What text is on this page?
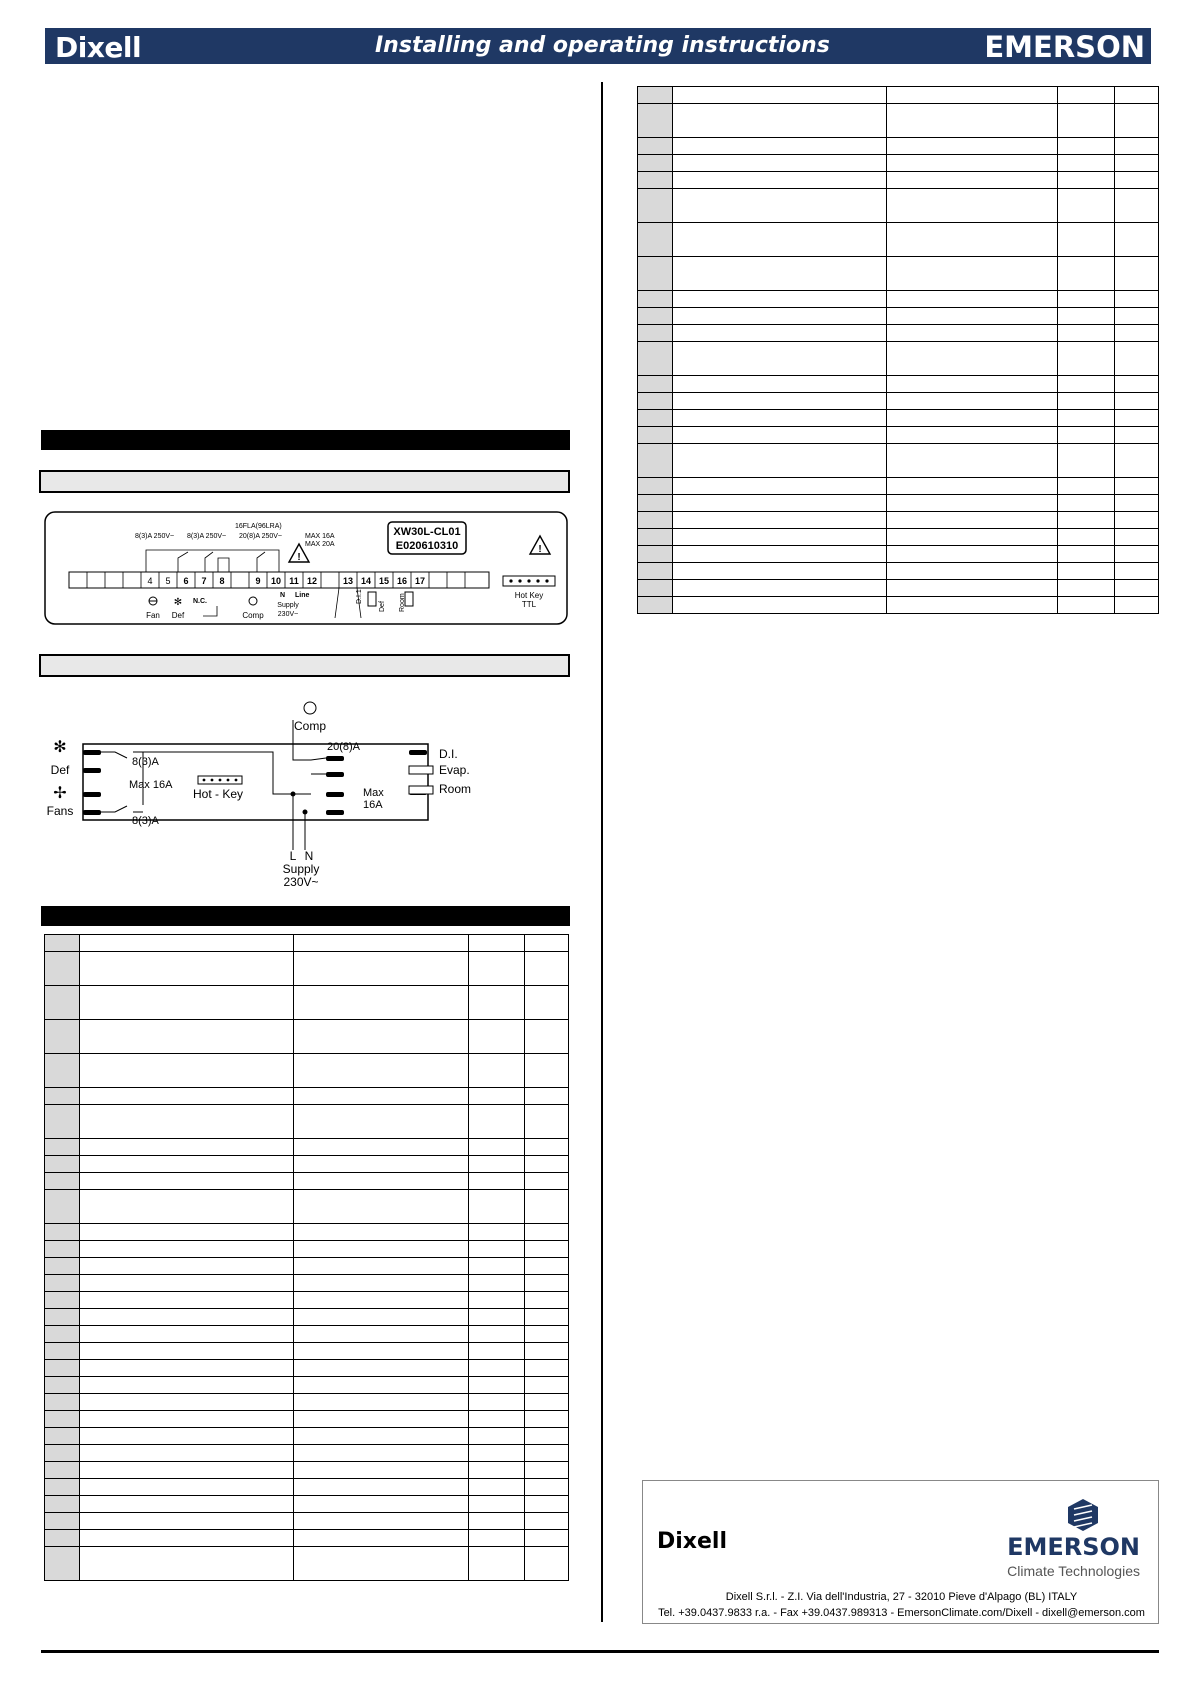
Dixell	Installing and operating instructions	EMERSON
8(3)A 250V~ 8(3)A 250V~
16FLA(96LRA)
20(8)A 250V~	MAX 16A
MAX 20A
XW30L-CL01
E020610310	!
!
4 5 6 7 8	9 10 11 12	13 14 15 16 17
Hot Key
TTL
Fan
✻
Def
N.C.
Comp
N Line
Supply
230V~
D.I.1
Def Room
Comp
✻
Def
✢
Fans
8(3)A
8(3)A
20(8)A
Max 16A
Hot - Key	Max
16A
D.I.
Evap.
Room
L N
Supply
230V~

Dixell	EMERSON
Climate Technologies
Dixell S.r.l. - Z.I. Via dell'Industria, 27 - 32010 Pieve d'Alpago (BL) ITALY
Tel. +39.0437.9833 r.a. - Fax +39.0437.989313 - EmersonClimate.com/Dixell - dixell@emerson.com
